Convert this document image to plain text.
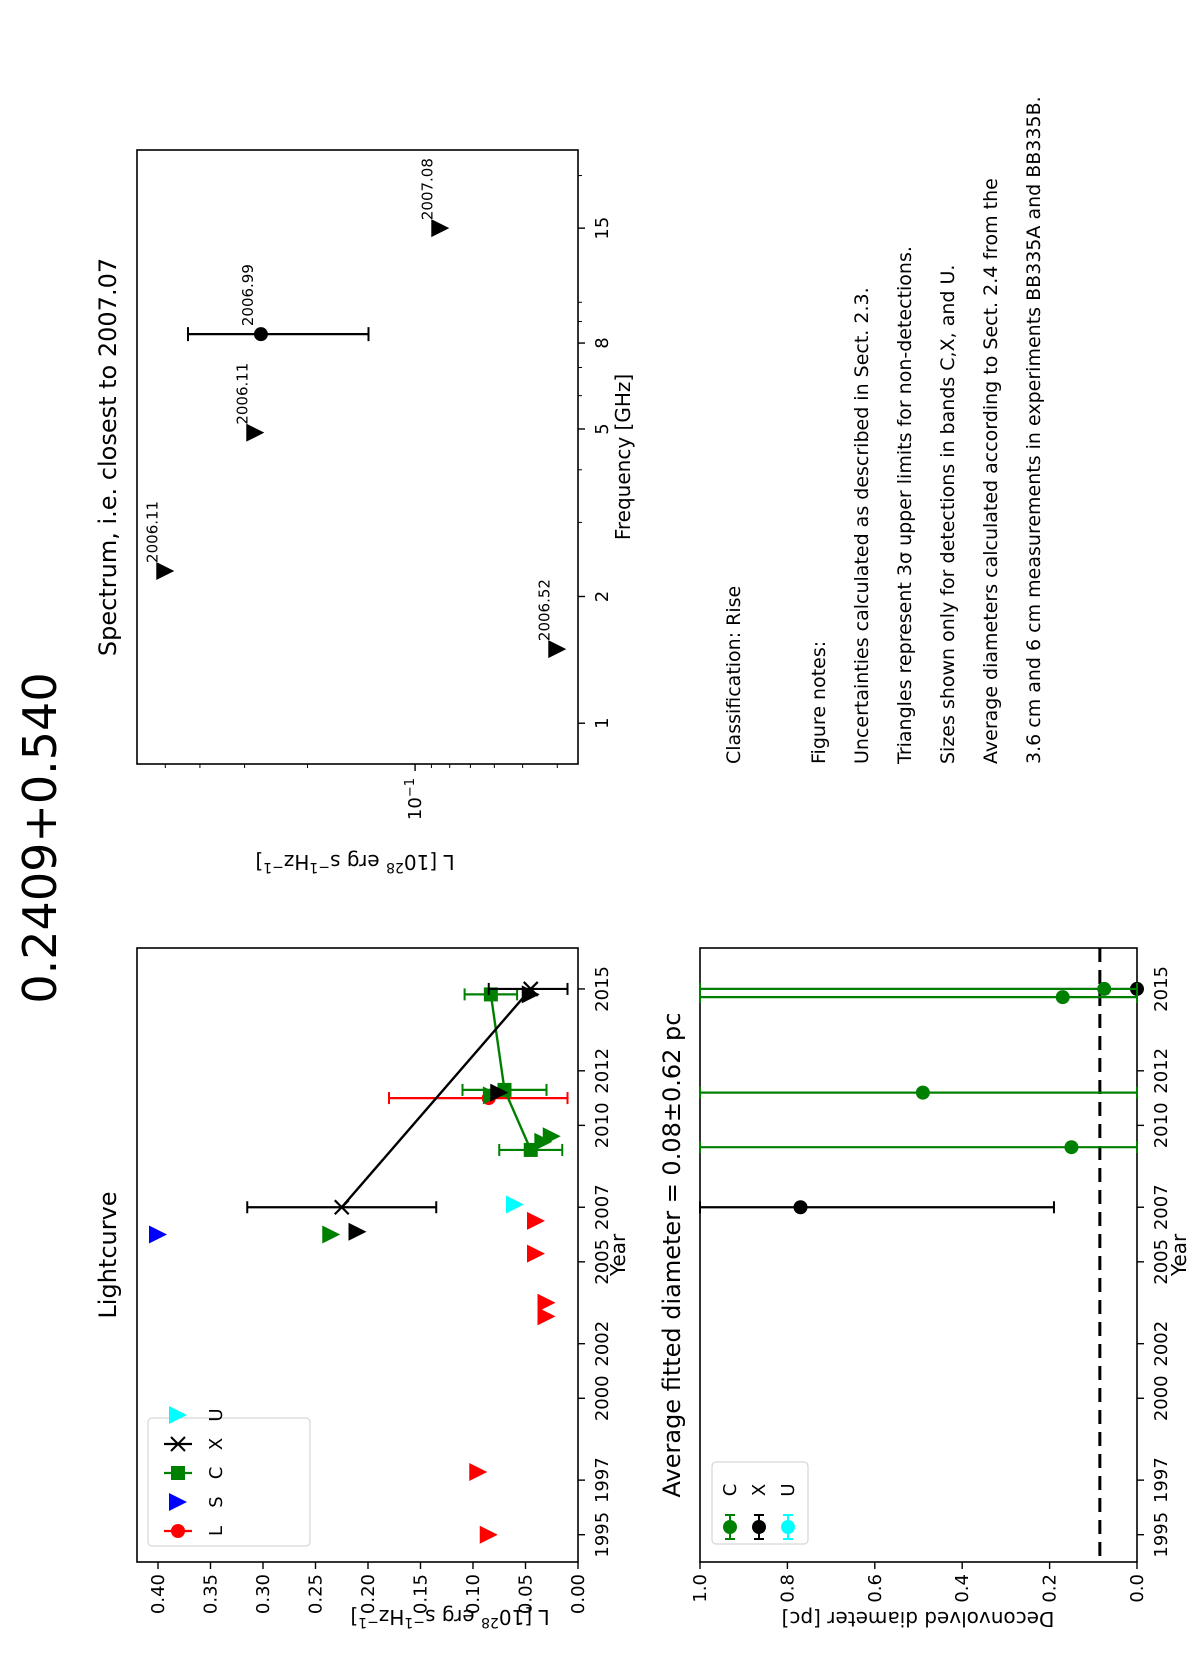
0.2409+0.540
Lightcurve
1995
1997
2000
2002
2005
2007
2010
2012
2015
0.40 0.35 0.30 0.25 0.20 0.15 0.10 0.05 0.00
Year
L [$10^{28}$ erg $s^{-1}Hz^{-1}$]
L
S
C
X
U	Average fitted diameter = 0.08±0.62 pc
1995
1997
2000
2002
2005
2007
2010
2012
2015
1.0	0.8	0.6	0.4	0.2	0.0
Year
Deconvolved diameter [pc]
C X U
Spectrum, i.e. closest to 2007.07
1
2
5
8
15
$10^{-1}$
Frequency [GHz]
L [$10^{28}$ erg $s^{-1}Hz^{-1}$]
2006.52
2006.11
2006.11
2006.99
2007.08
Classification: Rise	Figure notes: Uncertainties calculated as described in Sect. 2.3. Triangles represent 3σ upper limits for non-detections. Sizes shown only for detections in bands C,X, and U. Average diameters calculated according to Sect. 2.4 from the 3.6 cm and 6 cm measurements in experiments BB335A and BB335B.
